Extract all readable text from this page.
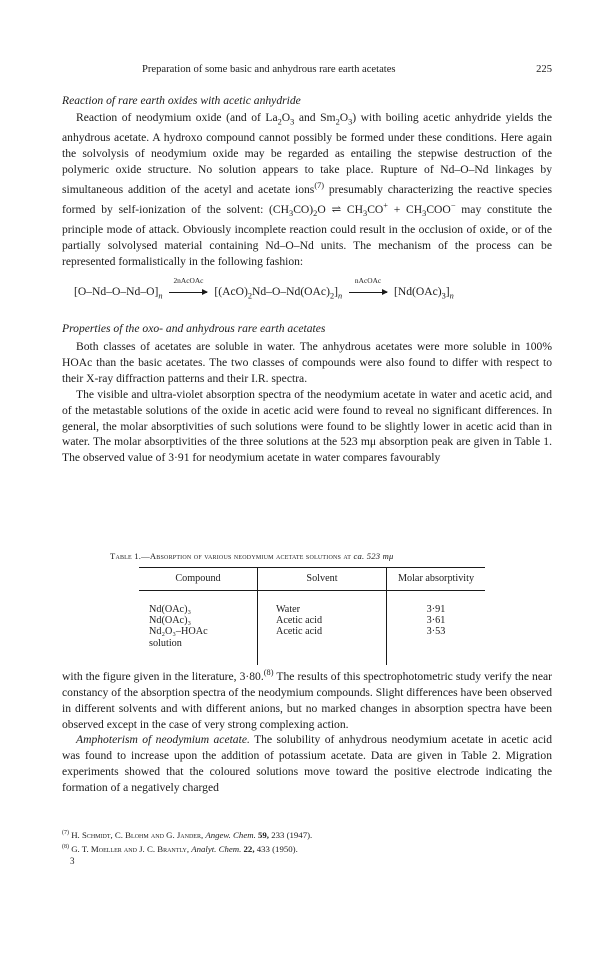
Preparation of some basic and anhydrous rare earth acetates	225
Reaction of rare earth oxides with acetic anhydride

Reaction of neodymium oxide (and of $La_2O_3$ and $Sm_2O_3$) with boiling acetic anhydride yields the anhydrous acetate. A hydroxo compound cannot possibly be formed under these conditions. Here again the solvolysis of neodymium oxide may be regarded as entailing the stepwise destruction of the polymeric oxide structure. No solution appears to take place. Rupture of Nd–O–Nd linkages by simultaneous addition of the acetyl and acetate ions$^{(7)}$ presumably characterizing the reactive species formed by self-ionization of the solvent: $(CH_3CO)_2O$ ⇌ $CH_3CO^+ + CH_3COO^-$ may constitute the principle mode of attack. Obviously incomplete reaction could result in the occlusion of oxide, or of the partially solvolysed material containing Nd–O–Nd units. The mechanism of the process can be represented formalistically in the following fashion:

$[O-Nd-O-Nd-O]_n$
2nAcOAc
$[(AcO)_2Nd-O-Nd(OAc)_2]_n$
nAcOAc
$[Nd(OAc)_3]_n$
Properties of the oxo- and anhydrous rare earth acetates

Both classes of acetates are soluble in water. The anhydrous acetates were more soluble in 100% HOAc than the basic acetates. The two classes of compounds were also found to differ with respect to their X-ray diffraction patterns and their I.R. spectra.

The visible and ultra-violet absorption spectra of the neodymium acetate in water and acetic acid, and of the metastable solutions of the oxide in acetic acid were found to reveal no significant differences. In general, the molar absorptivities of such solutions were found to be slightly lower in acetic acid than in water. The molar absorptivities of the three solutions at the 523 mμ absorption peak are given in Table 1. The observed value of 3·91 for neodymium acetate in water compares favourably

Table 1.—Absorption of various neodymium acetate solutions at ca. 523 mμ
Compound	Solvent	Molar absorptivity
Nd(OAc)₃	Water	3·91
Nd(OAc)₃	Acetic acid	3·61
Nd₂O₃–HOAc	Acetic acid	3·53
solution		

with the figure given in the literature, 3·80.$^{(8)}$ The results of this spectrophotometric study verify the near constancy of the absorption spectra of the neodymium compounds. Slight differences have been observed in different solvents and with different anions, but no marked changes in absorption spectra have been observed except in the case of very strong complexing action.

Amphoterism of neodymium acetate. The solubility of anhydrous neodymium acetate in acetic acid was found to increase upon the addition of potassium acetate. Data are given in Table 2. Migration experiments showed that the coloured solutions move toward the positive electrode indicating the formation of a negatively charged

$^{(7)}$ H. Schmidt, C. Blohm and G. Jander, Angew. Chem. 59, 233 (1947).
$^{(8)}$ G. T. Moeller and J. C. Brantly, Analyt. Chem. 22, 433 (1950).
3
